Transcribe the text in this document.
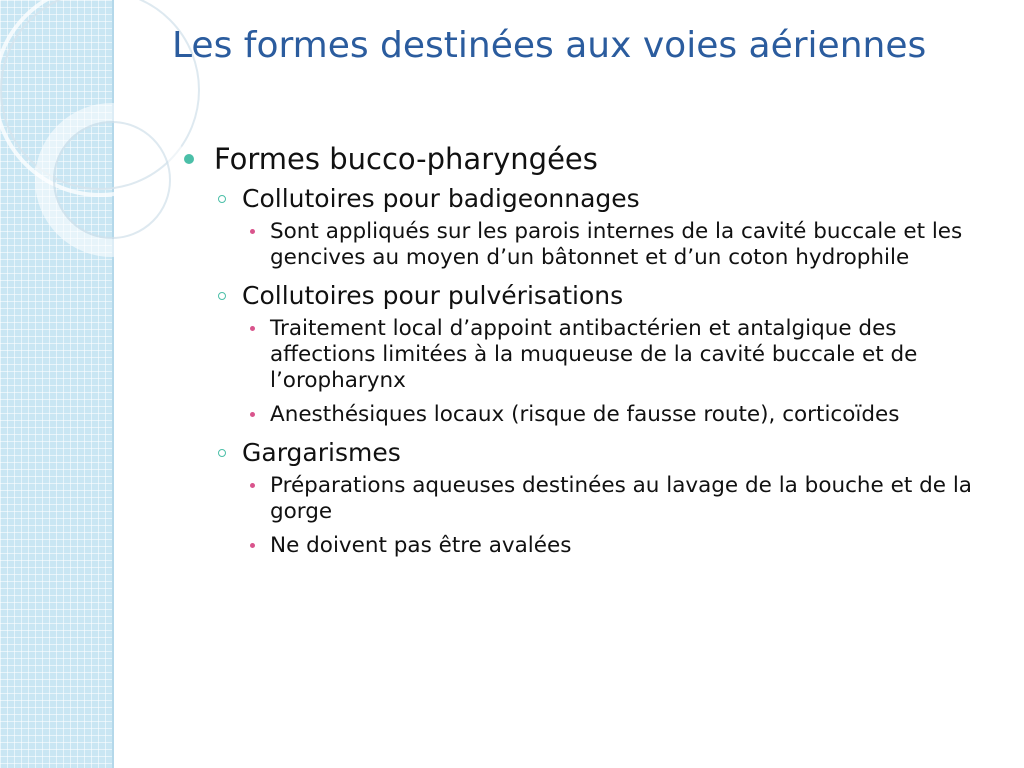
Les formes destinées aux voies aériennes
Formes bucco-pharyngées
Collutoires pour badigeonnages
Sont appliqués sur les parois internes de la cavité buccale et les gencives au moyen d’un bâtonnet et d’un coton hydrophile
Collutoires pour pulvérisations
Traitement local d’appoint antibactérien et antalgique des affections limitées à la muqueuse de la cavité buccale et de l’oropharynx
Anesthésiques locaux (risque de fausse route), corticoïdes
Gargarismes
Préparations aqueuses destinées au lavage de la bouche et de la gorge
Ne doivent pas être avalées
